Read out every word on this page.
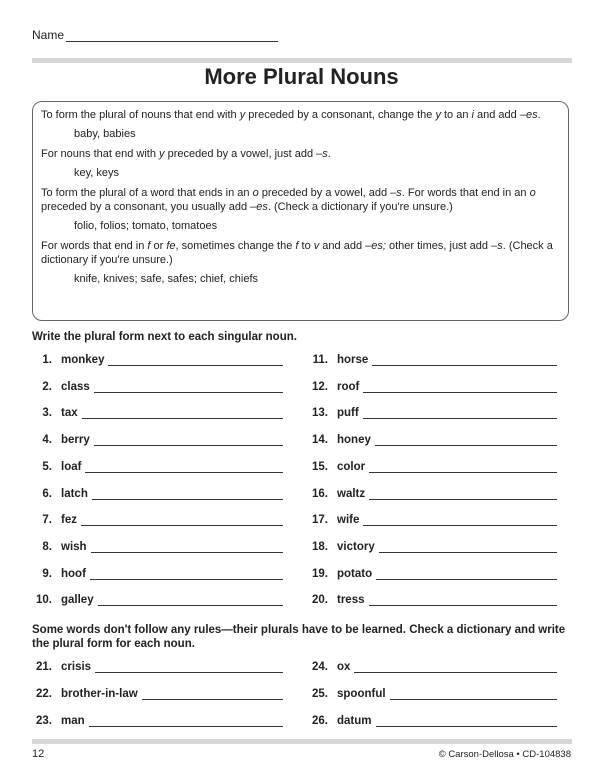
Name
More Plural Nouns

To form the plural of nouns that end with y preceded by a consonant, change the y to an i and add –es.

baby, babies

For nouns that end with y preceded by a vowel, just add –s.

key, keys

To form the plural of a word that ends in an o preceded by a vowel, add –s. For words that end in an o preceded by a consonant, you usually add –es. (Check a dictionary if you're unsure.)

folio, folios; tomato, tomatoes

For words that end in f or fe, sometimes change the f to v and add –es; other times, just add –s. (Check a dictionary if you're unsure.)

knife, knives; safe, safes; chief, chiefs

Write the plural form next to each singular noun.
1. monkey
2. class
3. tax
4. berry
5. loaf
6. latch
7. fez
8. wish
9. hoof
10. galley
11. horse
12. roof
13. puff
14. honey
15. color
16. waltz
17. wife
18. victory
19. potato
20. tress
Some words don't follow any rules—their plurals have to be learned. Check a dictionary and write the plural form for each noun.
21. crisis
22. brother-in-law
23. man
24. ox
25. spoonful
26. datum
12	© Carson-Dellosa • CD-104838
